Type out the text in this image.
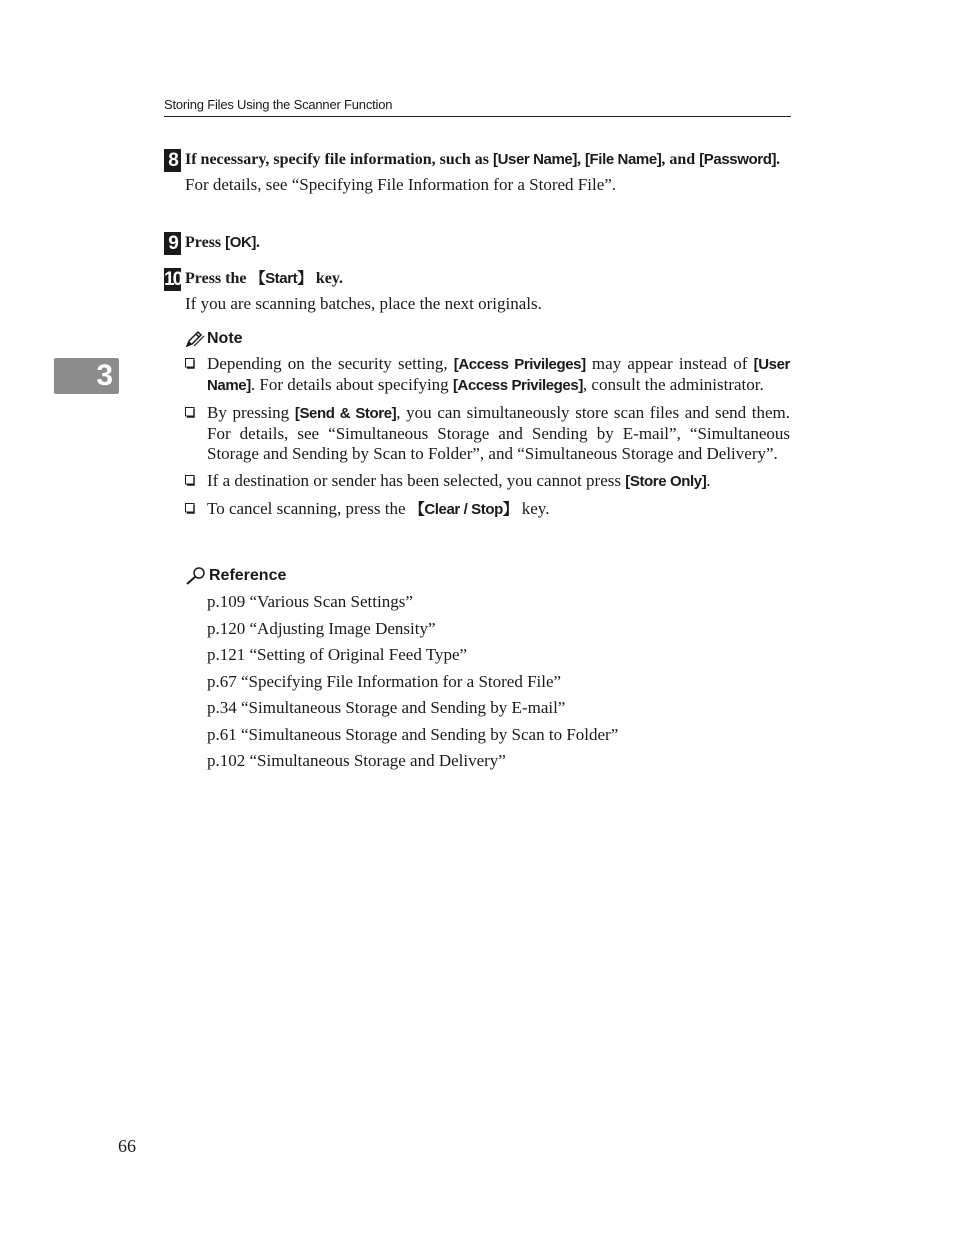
Storing Files Using the Scanner Function
3
8 If necessary, specify file information, such as [User Name], [File Name], and [Password].
For details, see “Specifying File Information for a Stored File”.
9 Press [OK].
10 Press the 【Start】 key.
If you are scanning batches, place the next originals.
Note
Depending on the security setting, [Access Privileges] may appear instead of [User Name]. For details about specifying [Access Privileges], consult the administrator.
By pressing [Send & Store], you can simultaneously store scan files and send them. For details, see “Simultaneous Storage and Sending by E-mail”, “Simultaneous Storage and Sending by Scan to Folder”, and “Simultaneous Storage and Delivery”.
If a destination or sender has been selected, you cannot press [Store Only].
To cancel scanning, press the 【Clear / Stop】 key.
Reference
p.109 “Various Scan Settings”
p.120 “Adjusting Image Density”
p.121 “Setting of Original Feed Type”
p.67 “Specifying File Information for a Stored File”
p.34 “Simultaneous Storage and Sending by E-mail”
p.61 “Simultaneous Storage and Sending by Scan to Folder”
p.102 “Simultaneous Storage and Delivery”
66
